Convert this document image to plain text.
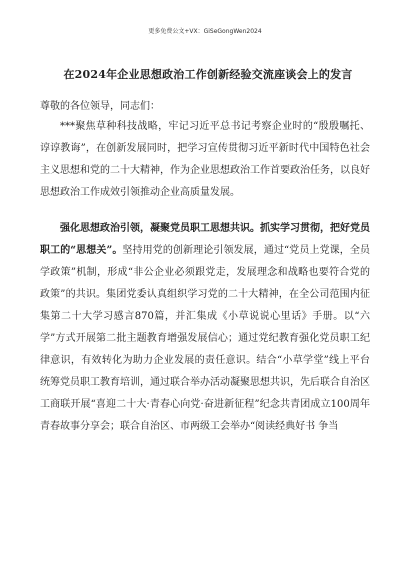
更多免费公文+VX：GiSeGongWen2024
在2024年企业思想政治工作创新经验交流座谈会上的发言
尊敬的各位领导，同志们：

***聚焦草种科技战略，牢记习近平总书记考察企业时的“殷殷嘱托、谆谆教诲”，在创新发展同时，把学习宣传贯彻习近平新时代中国特色社会主义思想和党的二十大精神，作为企业思想政治工作首要政治任务，以良好思想政治工作成效引领推动企业高质量发展。

强化思想政治引领，凝聚党员职工思想共识。抓实学习贯彻，把好党员职工的“思想关”。坚持用党的创新理论引领发展，通过“党员上党课，全员学政策”机制，形成“非公企业必须跟党走，发展理念和战略也要符合党的政策”的共识。集团党委认真组织学习党的二十大精神，在全公司范围内征集第二十大学习感言870篇，并汇集成《小草说说心里话》手册。以“六学”方式开展第二批主题教育增强发展信心；通过党纪教育强化党员职工纪律意识，有效转化为助力企业发展的责任意识。结合“小草学堂”线上平台统筹党员职工教育培训，通过联合举办活动凝聚思想共识，先后联合自治区工商联开展“喜迎二十大·青春心向党·奋进新征程”纪念共青团成立100周年青春故事分享会；联合自治区、市两级工会举办“阅读经典好书 争当
